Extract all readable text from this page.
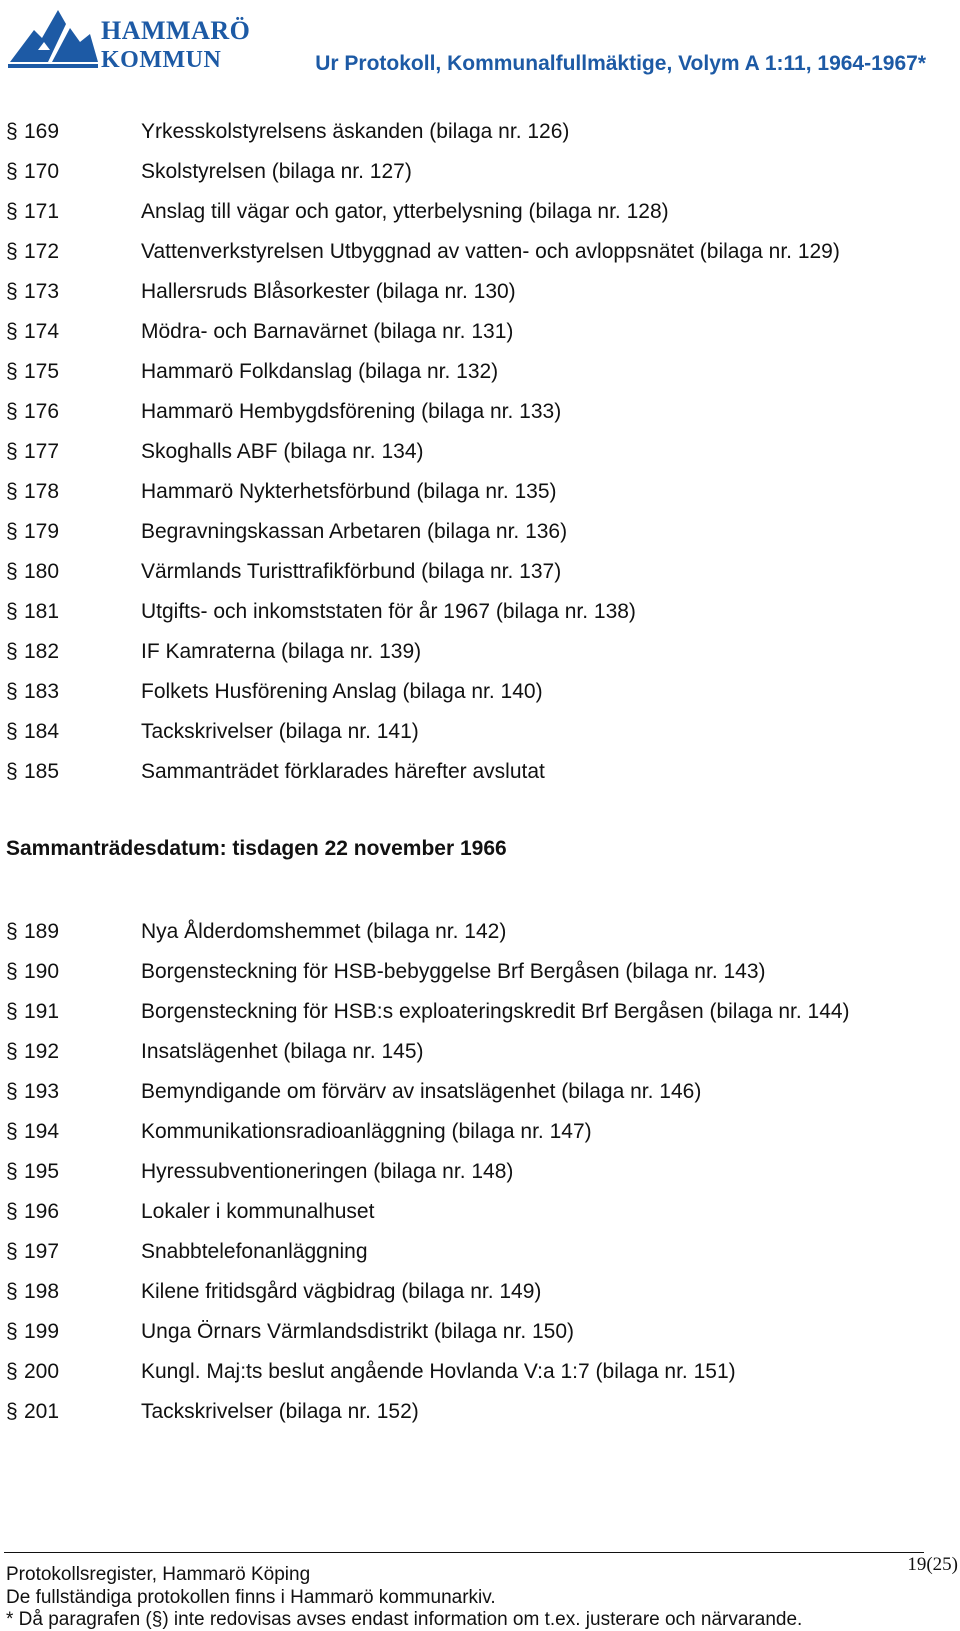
HAMMARÖ
KOMMUN	Ur Protokoll, Kommunalfullmäktige, Volym A 1:11, 1964-1967*
§ 169	Yrkesskolstyrelsens äskanden (bilaga nr. 126)
§ 170	Skolstyrelsen (bilaga nr. 127)
§ 171	Anslag till vägar och gator, ytterbelysning (bilaga nr. 128)
§ 172	Vattenverkstyrelsen Utbyggnad av vatten- och avloppsnätet (bilaga nr. 129)
§ 173	Hallersruds Blåsorkester (bilaga nr. 130)
§ 174	Mödra- och Barnavärnet (bilaga nr. 131)
§ 175	Hammarö Folkdanslag (bilaga nr. 132)
§ 176	Hammarö Hembygdsförening (bilaga nr. 133)
§ 177	Skoghalls ABF (bilaga nr. 134)
§ 178	Hammarö Nykterhetsförbund (bilaga nr. 135)
§ 179	Begravningskassan Arbetaren (bilaga nr. 136)
§ 180	Värmlands Turisttrafikförbund (bilaga nr. 137)
§ 181	Utgifts- och inkomststaten för år 1967 (bilaga nr. 138)
§ 182	IF Kamraterna (bilaga nr. 139)
§ 183	Folkets Husförening Anslag (bilaga nr. 140)
§ 184	Tackskrivelser (bilaga nr. 141)
§ 185	Sammanträdet förklarades härefter avslutat
Sammanträdesdatum: tisdagen 22 november 1966
§ 189	Nya Ålderdomshemmet (bilaga nr. 142)
§ 190	Borgensteckning för HSB-bebyggelse Brf Bergåsen (bilaga nr. 143)
§ 191	Borgensteckning för HSB:s exploateringskredit Brf Bergåsen (bilaga nr. 144)
§ 192	Insatslägenhet (bilaga nr. 145)
§ 193	Bemyndigande om förvärv av insatslägenhet (bilaga nr. 146)
§ 194	Kommunikationsradioanläggning (bilaga nr. 147)
§ 195	Hyressubventioneringen (bilaga nr. 148)
§ 196	Lokaler i kommunalhuset
§ 197	Snabbtelefonanläggning
§ 198	Kilene fritidsgård vägbidrag (bilaga nr. 149)
§ 199	Unga Örnars Värmlandsdistrikt (bilaga nr. 150)
§ 200	Kungl. Maj:ts beslut angående Hovlanda V:a 1:7 (bilaga nr. 151)
§ 201	Tackskrivelser (bilaga nr. 152)
Protokollsregister, Hammarö Köping
De fullständiga protokollen finns i Hammarö kommunarkiv.
* Då paragrafen (§) inte redovisas avses endast information om t.ex. justerare och närvarande.
19(25)
